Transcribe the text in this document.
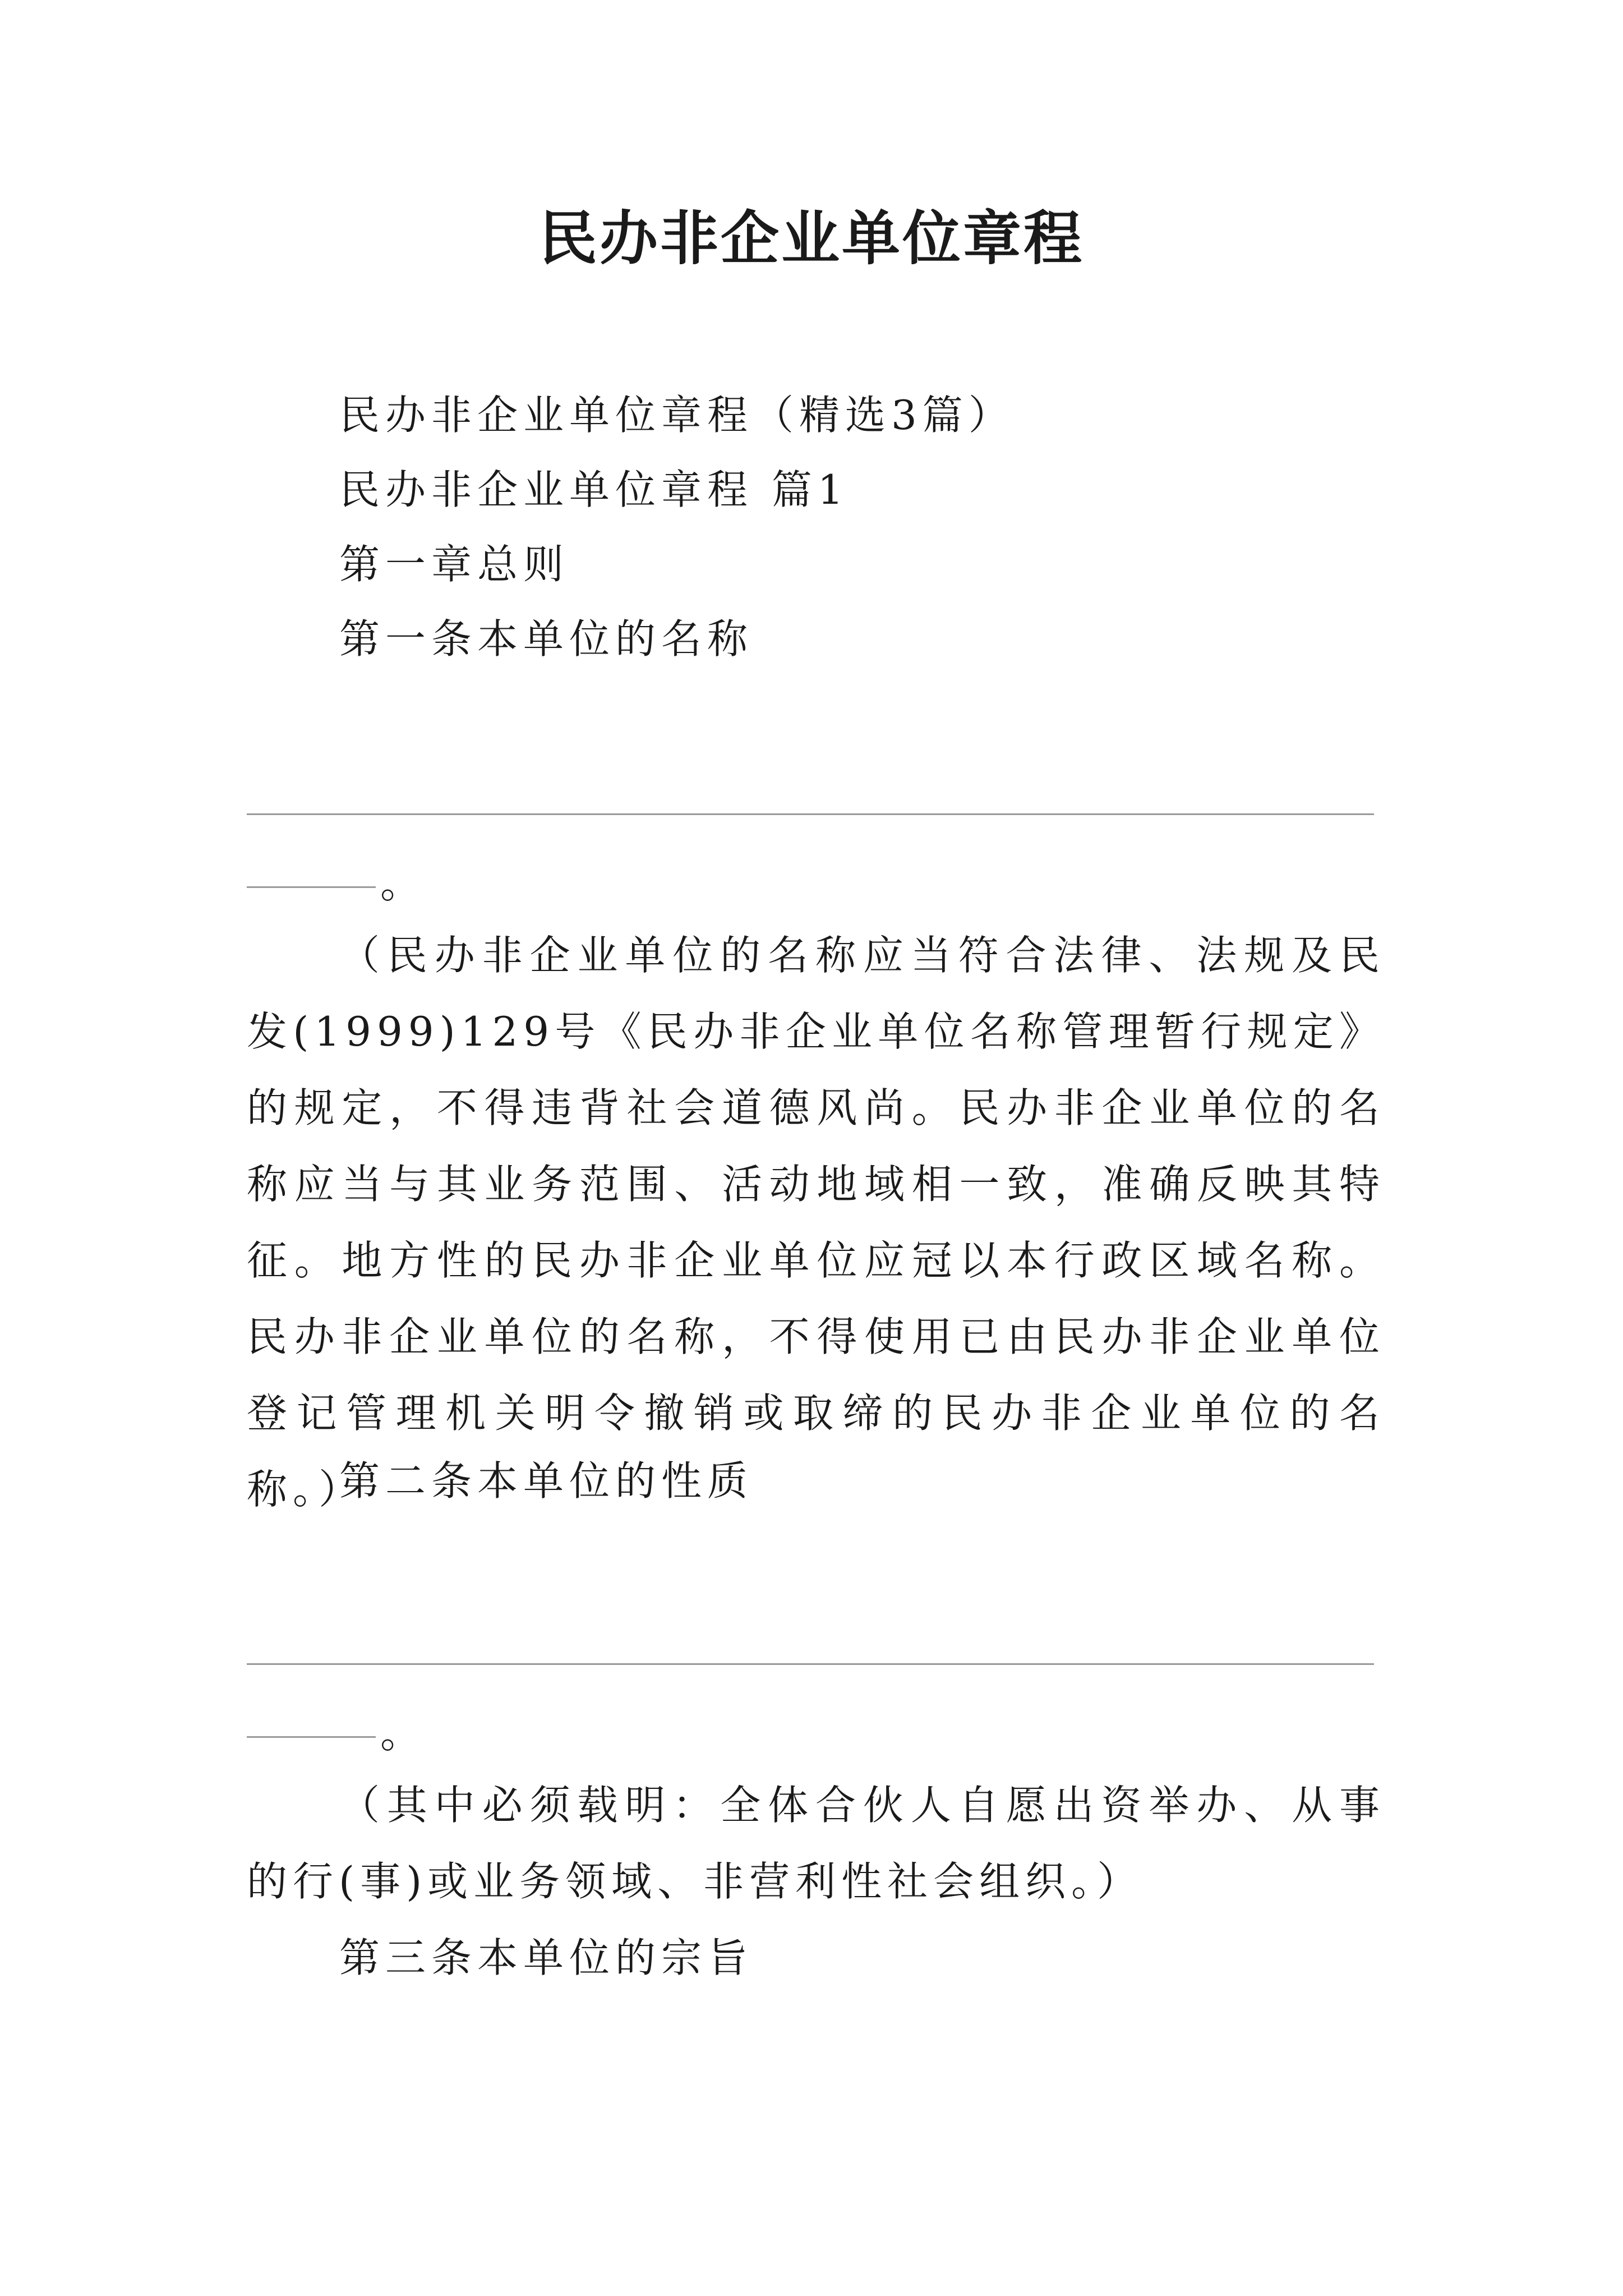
民办非企业单位章程
民办非企业单位章程（精选3篇）
民办非企业单位章程 篇1
第一章总则
第一条本单位的名称
。
（民办非企业单位的名称应当符合法律、法规及民发(1999)129号《民办非企业单位名称管理暂行规定》的规定，不得违背社会道德风尚。民办非企业单位的名称应当与其业务范围、活动地域相一致，准确反映其特征。地方性的民办非企业单位应冠以本行政区域名称。民办非企业单位的名称，不得使用已由民办非企业单位登记管理机关明令撤销或取缔的民办非企业单位的名称。）
第二条本单位的性质
。
（其中必须载明：全体合伙人自愿出资举办、从事的行(事)或业务领域、非营利性社会组织。）
第三条本单位的宗旨
